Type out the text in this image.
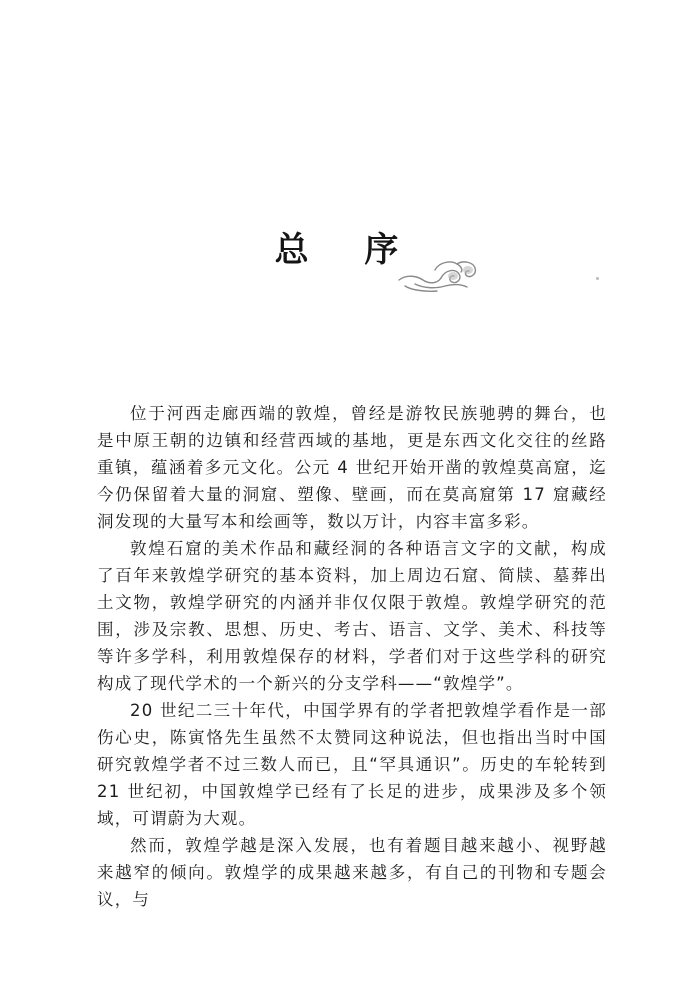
总 序

位于河西走廊西端的敦煌，曾经是游牧民族驰骋的舞台，也是中原王朝的边镇和经营西域的基地，更是东西文化交往的丝路重镇，蕴涵着多元文化。公元 4 世纪开始开凿的敦煌莫高窟，迄今仍保留着大量的洞窟、塑像、壁画，而在莫高窟第 17 窟藏经洞发现的大量写本和绘画等，数以万计，内容丰富多彩。

敦煌石窟的美术作品和藏经洞的各种语言文字的文献，构成了百年来敦煌学研究的基本资料，加上周边石窟、简牍、墓葬出土文物，敦煌学研究的内涵并非仅仅限于敦煌。敦煌学研究的范围，涉及宗教、思想、历史、考古、语言、文学、美术、科技等等许多学科，利用敦煌保存的材料，学者们对于这些学科的研究构成了现代学术的一个新兴的分支学科——“敦煌学”。

20 世纪二三十年代，中国学界有的学者把敦煌学看作是一部伤心史，陈寅恪先生虽然不太赞同这种说法，但也指出当时中国研究敦煌学者不过三数人而已，且“罕具通识”。历史的车轮转到 21 世纪初，中国敦煌学已经有了长足的进步，成果涉及多个领域，可谓蔚为大观。

然而，敦煌学越是深入发展，也有着题目越来越小、视野越来越窄的倾向。敦煌学的成果越来越多，有自己的刊物和专题会议，与
